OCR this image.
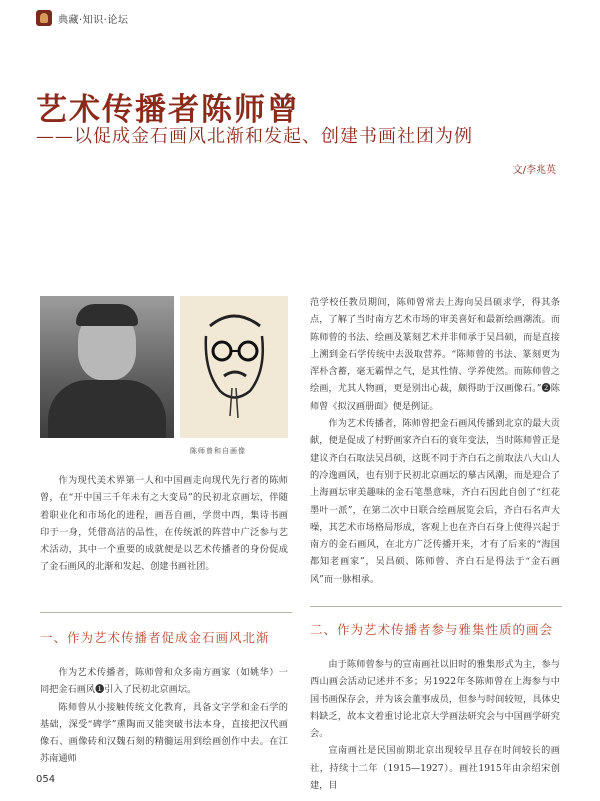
典藏·知识·论坛
艺术传播者陈师曾
——以促成金石画风北渐和发起、创建书画社团为例
文/李兆英
陈师曾和自画像

作为现代美术界第一人和中国画走向现代先行者的陈师曾，在“开中国三千年未有之大变局”的民初北京画坛，伴随着职业化和市场化的进程，画吾自画，学贯中西，集诗书画印于一身，凭借高洁的品性，在传统派的阵营中广泛参与艺术活动，其中一个重要的成就便是以艺术传播者的身份促成了金石画风的北渐和发起、创建书画社团。

一、作为艺术传播者促成金石画风北渐

作为艺术传播者，陈师曾和众多南方画家（如姚华）一同把金石画风❶引入了民初北京画坛。

陈师曾从小接触传统文化教育，具备文字学和金石学的基础，深受“碑学”熏陶而又能突破书法本身，直接把汉代画像石、画像砖和汉魏石刻的精髓运用到绘画创作中去。在江苏南通师

范学校任教员期间，陈师曾常去上海向吴昌硕求学，得其条点，了解了当时南方艺术市场的审美喜好和最新绘画潮流。而陈师曾的书法、绘画及篆刻艺术并非师承于吴昌硕，而是直接上溯到金石学传统中去汲取营养。“陈师曾的书法、篆刻更为浑朴含蓄，毫无霸悍之气，是其性情、学养使然。而陈师曾之绘画，尤其人物画，更是别出心裁，颇得助于汉画像石。”❷陈师曾《拟汉画册面》便是例证。

作为艺术传播者，陈师曾把金石画风传播到北京的最大贡献，便是促成了村野画家齐白石的衰年变法，当时陈师曾正是建议齐白石取法吴昌硕，这既不同于齐白石之前取法八大山人的冷逸画风，也有别于民初北京画坛的摹古风潮，而是迎合了上海画坛审美趣味的金石笔墨意味，齐白石因此自创了“红花墨叶一派”，在第二次中日联合绘画展览会后，齐白石名声大噪，其艺术市场格局形成，客观上也在齐白石身上使得兴起于南方的金石画风，在北方广泛传播开来，才有了后来的“海国都知老画家”，吴昌硕、陈师曾、齐白石是得法于“金石画风”而一脉相承。

二、作为艺术传播者参与雅集性质的画会

由于陈师曾参与的宣南画社以旧时的雅集形式为主，参与西山画会活动记述并不多；另1922年冬陈师曾在上海参与中国书画保存会，并为该会董事成员，但参与时间较短，具体史料缺乏，故本文着重讨论北京大学画法研究会与中国画学研究会。

宣南画社是民国前期北京出现较早且存在时间较长的画社，持续十二年（1915—1927）。画社1915年由余绍宋创建，目

054
